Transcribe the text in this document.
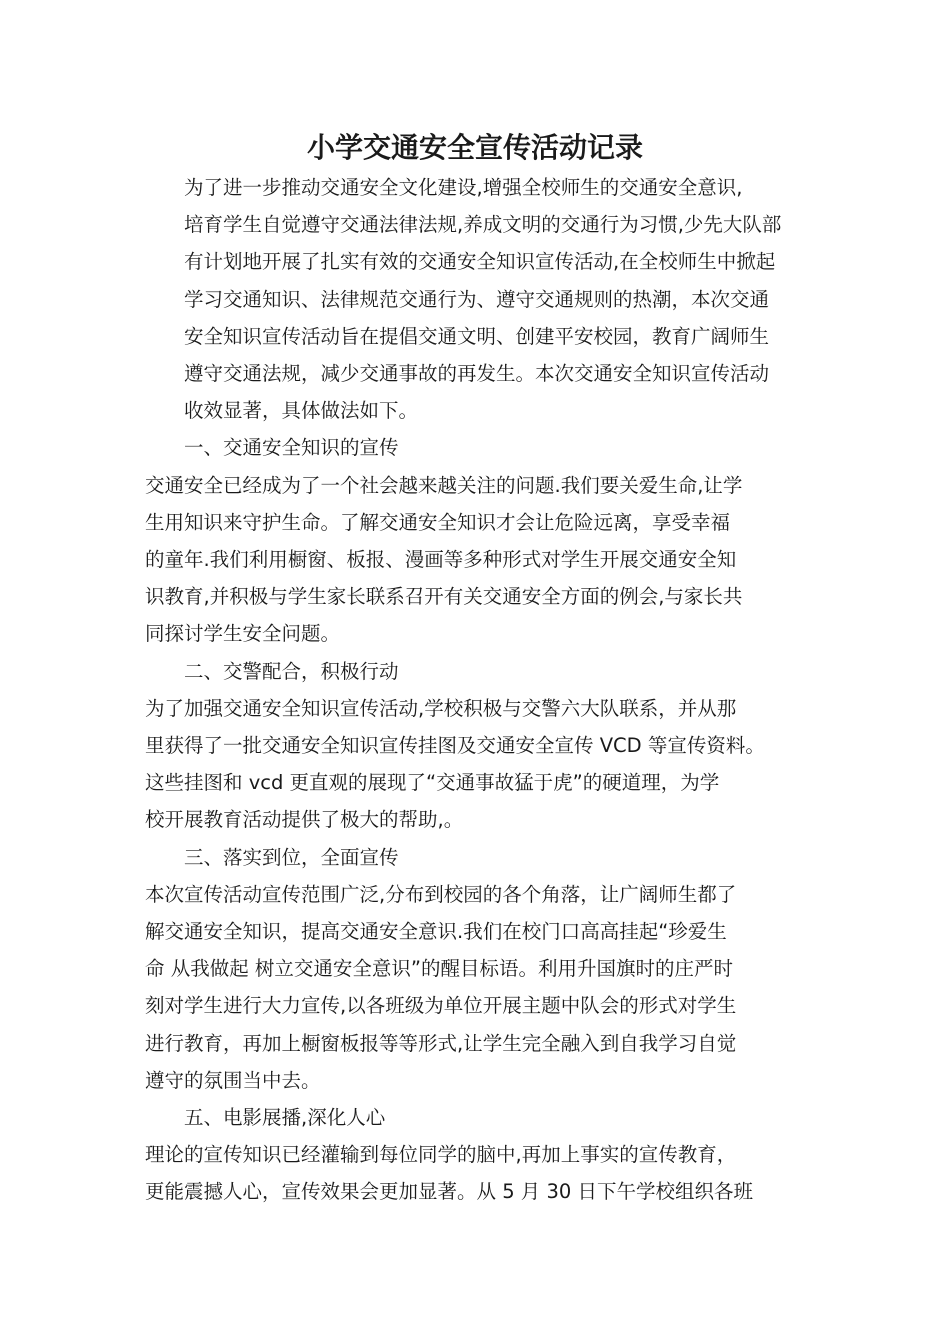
小学交通安全宣传活动记录
为了进一步推动交通安全文化建设,增强全校师生的交通安全意识,
培育学生自觉遵守交通法律法规,养成文明的交通行为习惯,少先大队部
有计划地开展了扎实有效的交通安全知识宣传活动,在全校师生中掀起
学习交通知识、法律规范交通行为、遵守交通规则的热潮，本次交通
安全知识宣传活动旨在提倡交通文明、创建平安校园，教育广阔师生
遵守交通法规，减少交通事故的再发生。本次交通安全知识宣传活动
收效显著，具体做法如下。
一、交通安全知识的宣传
交通安全已经成为了一个社会越来越关注的问题.我们要关爱生命,让学
生用知识来守护生命。了解交通安全知识才会让危险远离，享受幸福
的童年.我们利用橱窗、板报、漫画等多种形式对学生开展交通安全知
识教育,并积极与学生家长联系召开有关交通安全方面的例会,与家长共
同探讨学生安全问题。
二、交警配合，积极行动
为了加强交通安全知识宣传活动,学校积极与交警六大队联系，并从那
里获得了一批交通安全知识宣传挂图及交通安全宣传 VCD 等宣传资料。
这些挂图和 vcd 更直观的展现了“交通事故猛于虎”的硬道理，为学
校开展教育活动提供了极大的帮助,。
三、落实到位，全面宣传
本次宣传活动宣传范围广泛,分布到校园的各个角落，让广阔师生都了
解交通安全知识，提高交通安全意识.我们在校门口高高挂起“珍爱生
命 从我做起 树立交通安全意识”的醒目标语。利用升国旗时的庄严时
刻对学生进行大力宣传,以各班级为单位开展主题中队会的形式对学生
进行教育，再加上橱窗板报等等形式,让学生完全融入到自我学习自觉
遵守的氛围当中去。
五、电影展播,深化人心
理论的宣传知识已经灌输到每位同学的脑中,再加上事实的宣传教育，
更能震撼人心，宣传效果会更加显著。从 5 月 30 日下午学校组织各班
